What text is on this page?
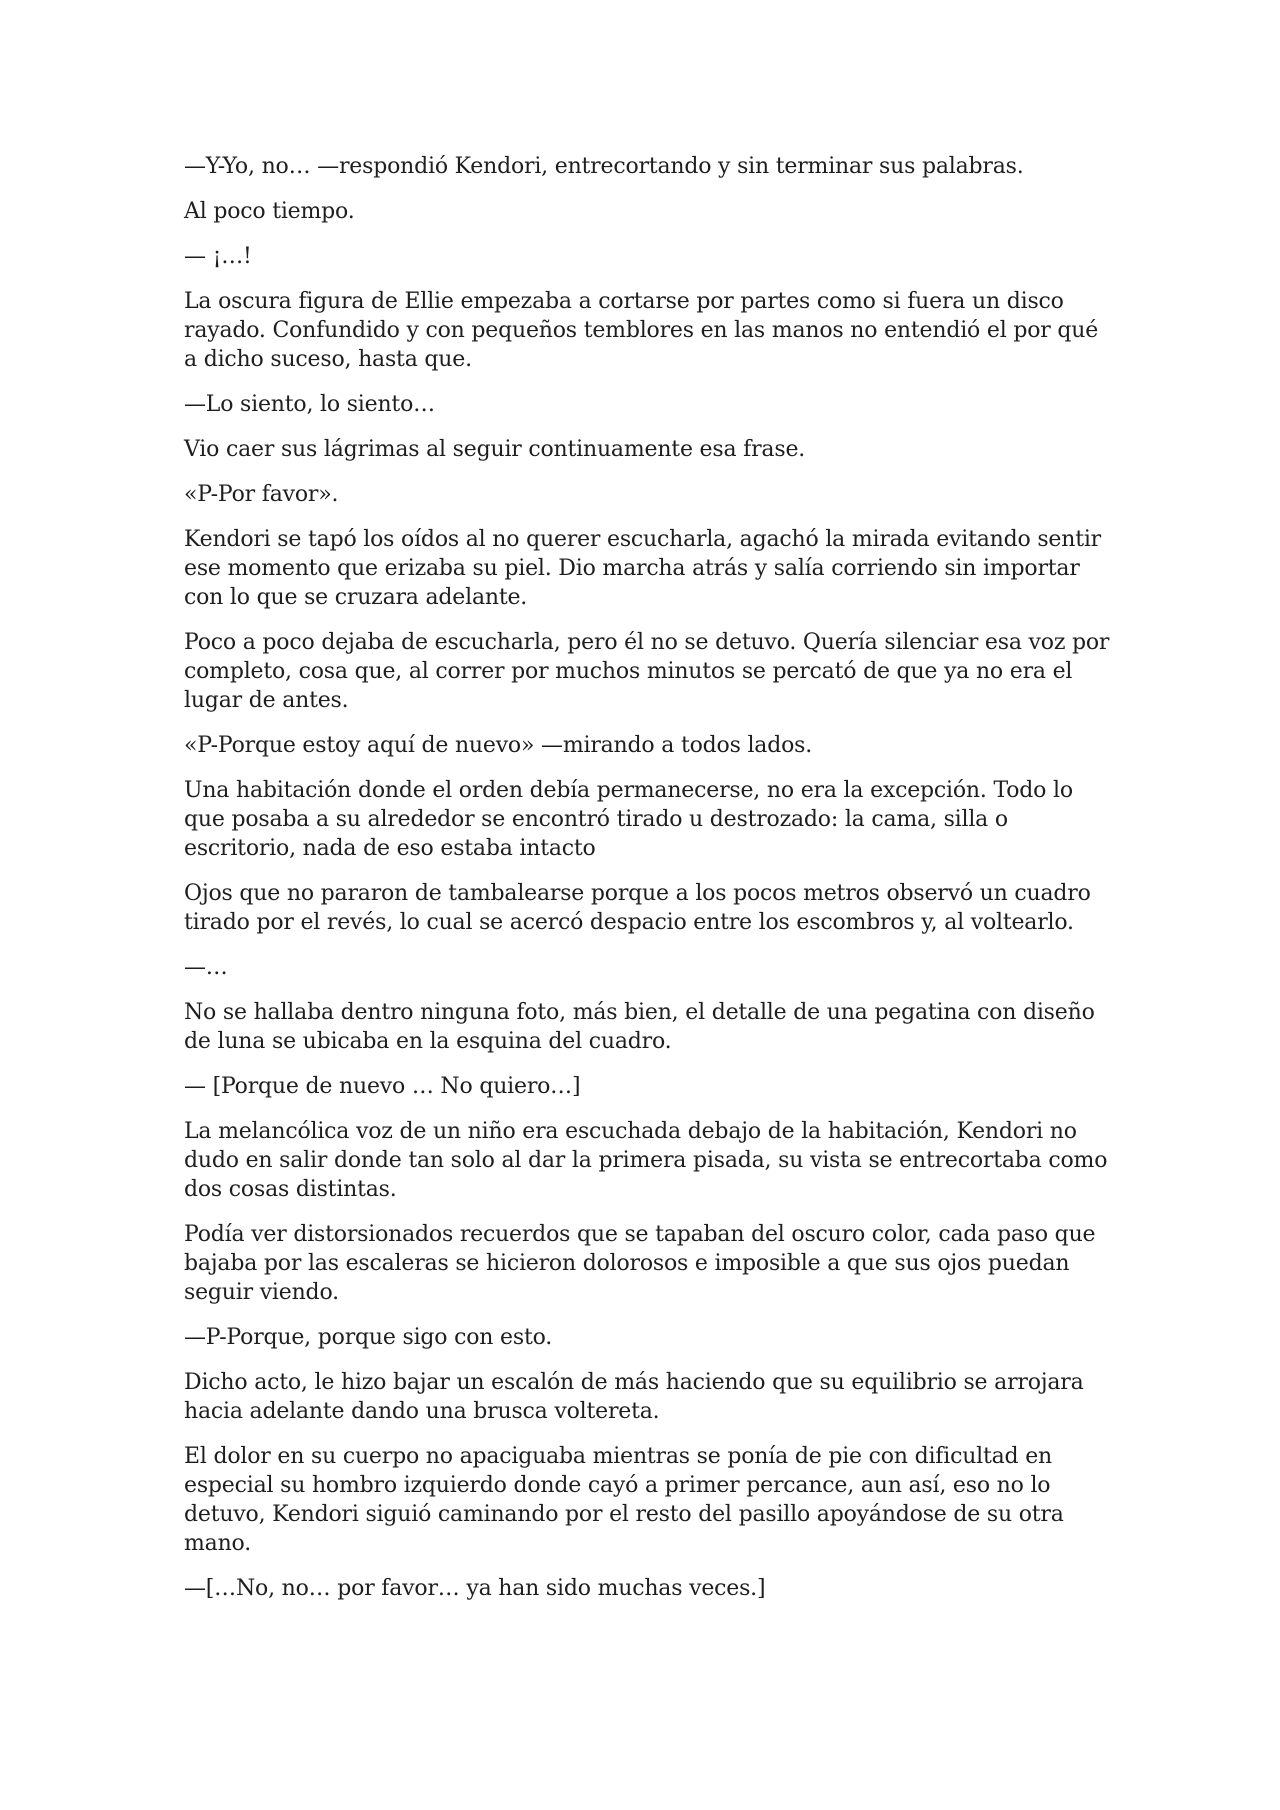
—Y-Yo, no… —respondió Kendori, entrecortando y sin terminar sus palabras.

Al poco tiempo.

— ¡…!

La oscura figura de Ellie empezaba a cortarse por partes como si fuera un disco rayado. Confundido y con pequeños temblores en las manos no entendió el por qué a dicho suceso, hasta que.

—Lo siento, lo siento…

Vio caer sus lágrimas al seguir continuamente esa frase.

«P-Por favor».

Kendori se tapó los oídos al no querer escucharla, agachó la mirada evitando sentir ese momento que erizaba su piel. Dio marcha atrás y salía corriendo sin importar con lo que se cruzara adelante.

Poco a poco dejaba de escucharla, pero él no se detuvo. Quería silenciar esa voz por completo, cosa que, al correr por muchos minutos se percató de que ya no era el lugar de antes.

«P-Porque estoy aquí de nuevo» —mirando a todos lados.

Una habitación donde el orden debía permanecerse, no era la excepción. Todo lo que posaba a su alrededor se encontró tirado u destrozado: la cama, silla o escritorio, nada de eso estaba intacto

Ojos que no pararon de tambalearse porque a los pocos metros observó un cuadro tirado por el revés, lo cual se acercó despacio entre los escombros y, al voltearlo.

—…

No se hallaba dentro ninguna foto, más bien, el detalle de una pegatina con diseño de luna se ubicaba en la esquina del cuadro.

— [Porque de nuevo … No quiero…]

La melancólica voz de un niño era escuchada debajo de la habitación, Kendori no dudo en salir donde tan solo al dar la primera pisada, su vista se entrecortaba como dos cosas distintas.

Podía ver distorsionados recuerdos que se tapaban del oscuro color, cada paso que bajaba por las escaleras se hicieron dolorosos e imposible a que sus ojos puedan seguir viendo.

—P-Porque, porque sigo con esto.

Dicho acto, le hizo bajar un escalón de más haciendo que su equilibrio se arrojara hacia adelante dando una brusca voltereta.

El dolor en su cuerpo no apaciguaba mientras se ponía de pie con dificultad en especial su hombro izquierdo donde cayó a primer percance, aun así, eso no lo detuvo, Kendori siguió caminando por el resto del pasillo apoyándose de su otra mano.

—[…No, no… por favor… ya han sido muchas veces.]
